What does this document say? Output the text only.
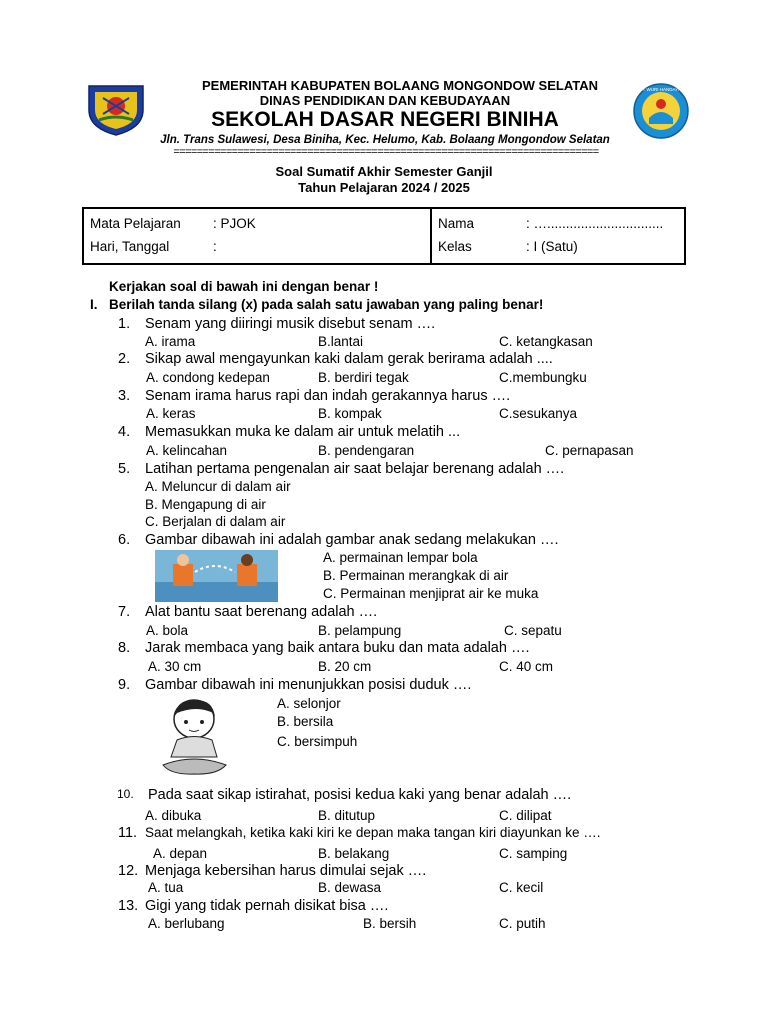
TUT WURI HANDAYANI
PEMERINTAH KABUPATEN BOLAANG MONGONDOW SELATAN
DINAS PENDIDIKAN DAN KEBUDAYAAN
SEKOLAH DASAR NEGERI BINIHA
Jln. Trans Sulawesi, Desa Biniha, Kec. Helumo, Kab. Bolaang Mongondow Selatan
=========================================================================
Soal Sumatif Akhir Semester Ganjil
Tahun Pelajaran 2024 / 2025
Mata Pelajaran : PJOK
Hari, Tanggal	:
Nama	: …...............................
Kelas	: I (Satu)
Kerjakan soal di bawah ini dengan benar !
I. Berilah tanda silang (x) pada salah satu jawaban yang paling benar!
1. Senam yang diiringi musik disebut senam ….
A. irama	B.lantai	C. ketangkasan
2. Sikap awal mengayunkan kaki dalam gerak berirama adalah ....
A. condong kedepan	B. berdiri tegak	C.membungku
3. Senam irama harus rapi dan indah gerakannya harus ….
A. keras	B. kompak	C.sesukanya
4. Memasukkan muka ke dalam air untuk melatih ...
A. kelincahan	B. pendengaran	C. pernapasan
5. Latihan pertama pengenalan air saat belajar berenang adalah ….
A. Meluncur di dalam air
B. Mengapung di air
C. Berjalan di dalam air
6. Gambar dibawah ini adalah gambar anak sedang melakukan ….
A. permainan lempar bola
B. Permainan merangkak di air
C. Permainan menjiprat air ke muka
7. Alat bantu saat berenang adalah ….
A. bola	B. pelampung	C. sepatu
8. Jarak membaca yang baik antara buku dan mata adalah ….
A. 30 cm	B. 20 cm	C. 40 cm
9. Gambar dibawah ini menunjukkan posisi duduk ….
A. selonjor
B. bersila
C. bersimpuh
10. Pada saat sikap istirahat, posisi kedua kaki yang benar adalah ….
A. dibuka	B. ditutup	C. dilipat
11. Saat melangkah, ketika kaki kiri ke depan maka tangan kiri diayunkan ke ….
A. depan	B. belakang	C. samping
12. Menjaga kebersihan harus dimulai sejak ….
A. tua	B. dewasa	C. kecil
13. Gigi yang tidak pernah disikat bisa ….
A. berlubang	B. bersih	C. putih
